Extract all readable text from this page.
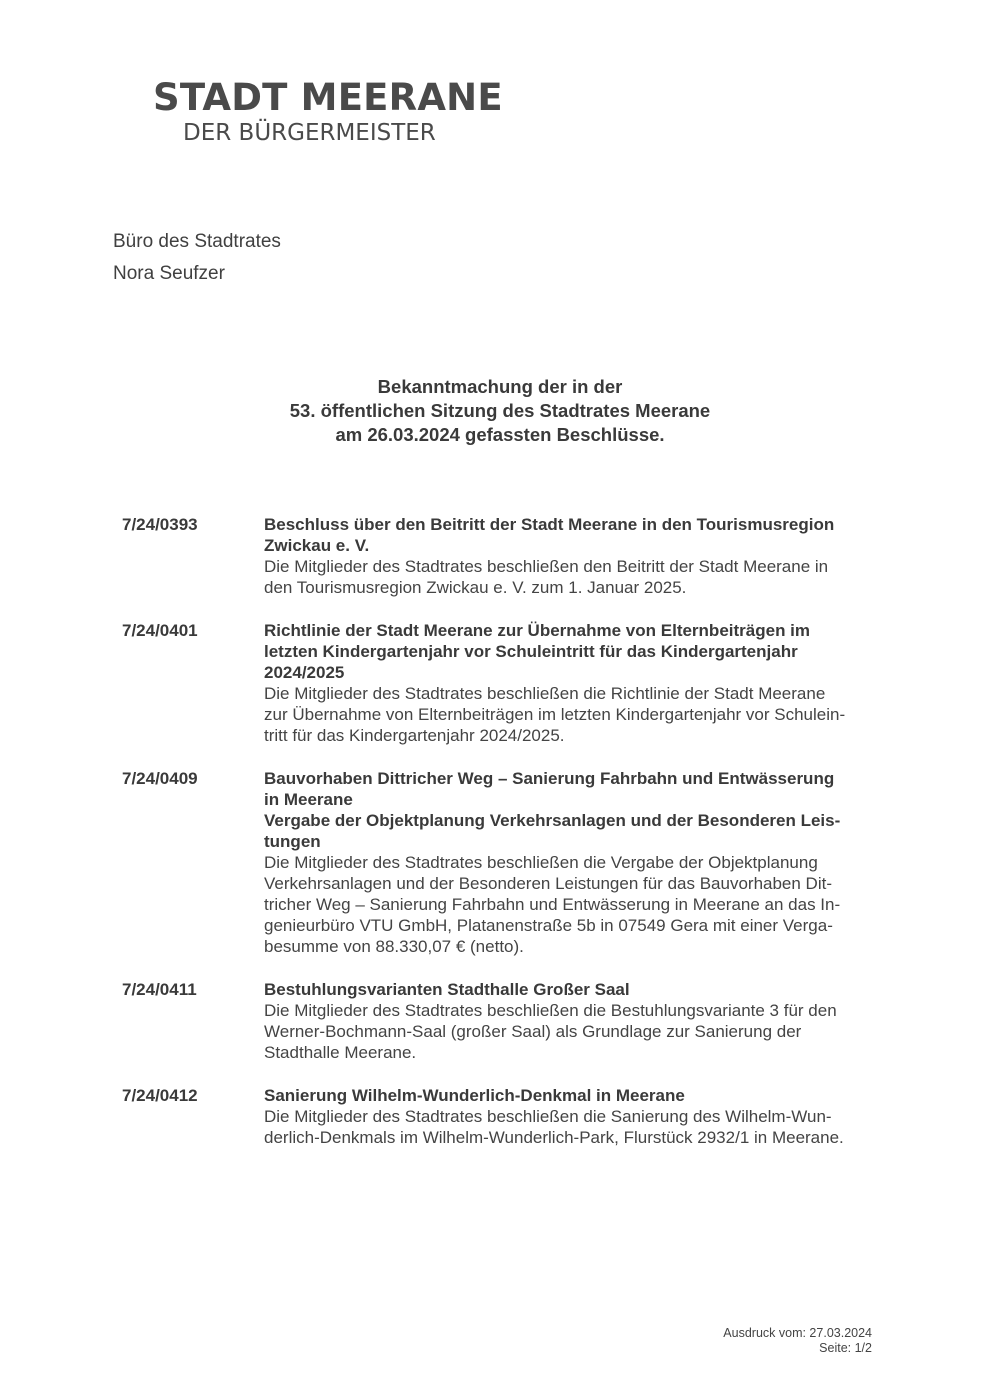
STADT MEERANE
DER BÜRGERMEISTER
Büro des Stadtrates
Nora Seufzer
Bekanntmachung der in der
53. öffentlichen Sitzung des Stadtrates Meerane
am 26.03.2024 gefassten Beschlüsse.
7/24/0393	Beschluss über den Beitritt der Stadt Meerane in den Tourismusregion
Zwickau e. V.
Die Mitglieder des Stadtrates beschließen den Beitritt der Stadt Meerane in
den Tourismusregion Zwickau e. V. zum 1. Januar 2025.
7/24/0401	Richtlinie der Stadt Meerane zur Übernahme von Elternbeiträgen im
letzten Kindergartenjahr vor Schuleintritt für das Kindergartenjahr
2024/2025
Die Mitglieder des Stadtrates beschließen die Richtlinie der Stadt Meerane
zur Übernahme von Elternbeiträgen im letzten Kindergartenjahr vor Schulein-
tritt für das Kindergartenjahr 2024/2025.
7/24/0409	Bauvorhaben Dittricher Weg – Sanierung Fahrbahn und Entwässerung
in Meerane
Vergabe der Objektplanung Verkehrsanlagen und der Besonderen Leis-
tungen
Die Mitglieder des Stadtrates beschließen die Vergabe der Objektplanung
Verkehrsanlagen und der Besonderen Leistungen für das Bauvorhaben Dit-
tricher Weg – Sanierung Fahrbahn und Entwässerung in Meerane an das In-
genieurbüro VTU GmbH, Platanenstraße 5b in 07549 Gera mit einer Verga-
besumme von 88.330,07 € (netto).
7/24/0411	Bestuhlungsvarianten Stadthalle Großer Saal
Die Mitglieder des Stadtrates beschließen die Bestuhlungsvariante 3 für den
Werner-Bochmann-Saal (großer Saal) als Grundlage zur Sanierung der
Stadthalle Meerane.
7/24/0412	Sanierung Wilhelm-Wunderlich-Denkmal in Meerane
Die Mitglieder des Stadtrates beschließen die Sanierung des Wilhelm-Wun-
derlich-Denkmals im Wilhelm-Wunderlich-Park, Flurstück 2932/1 in Meerane.
Ausdruck vom: 27.03.2024
Seite: 1/2
